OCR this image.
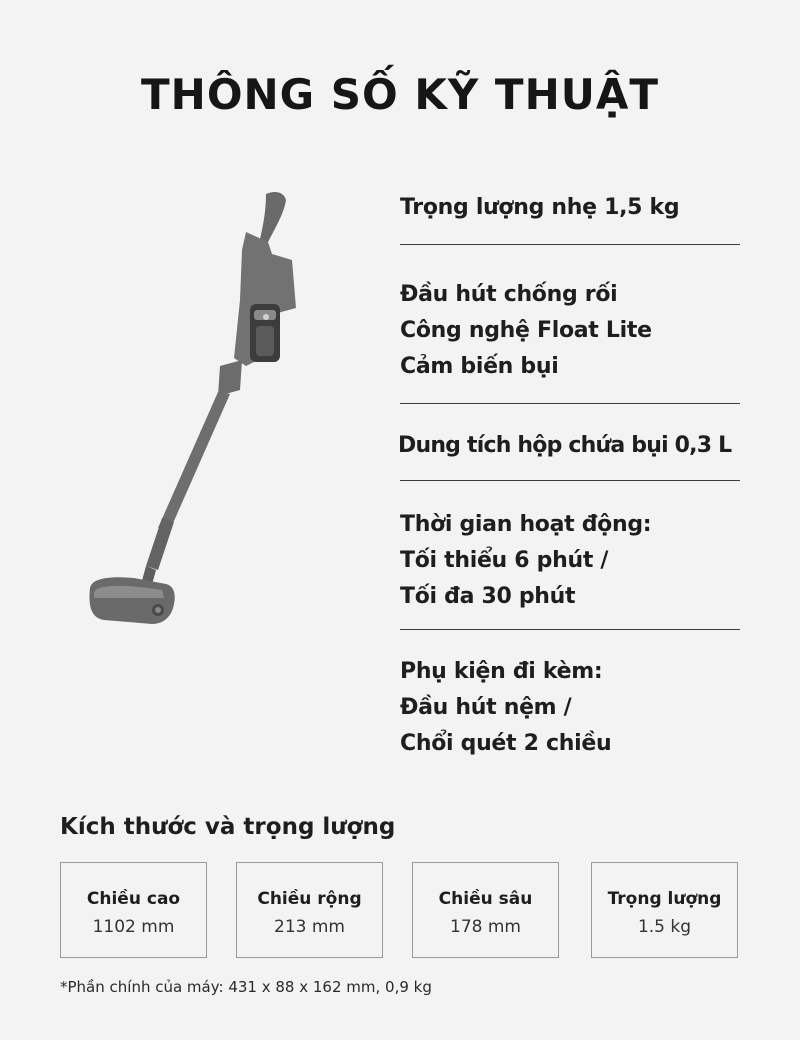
THÔNG SỐ KỸ THUẬT
Trọng lượng nhẹ 1,5 kg
Đầu hút chống rối
Công nghệ Float Lite
Cảm biến bụi
Dung tích hộp chứa bụi 0,3 L
Thời gian hoạt động:
Tối thiểu 6 phút /
Tối đa 30 phút
Phụ kiện đi kèm:
Đầu hút nệm /
Chổi quét 2 chiều
Kích thước và trọng lượng
Chiều cao
1102 mm
Chiều rộng
213 mm
Chiều sâu
178 mm
Trọng lượng
1.5 kg
*Phần chính của máy: 431 x 88 x 162 mm, 0,9 kg
